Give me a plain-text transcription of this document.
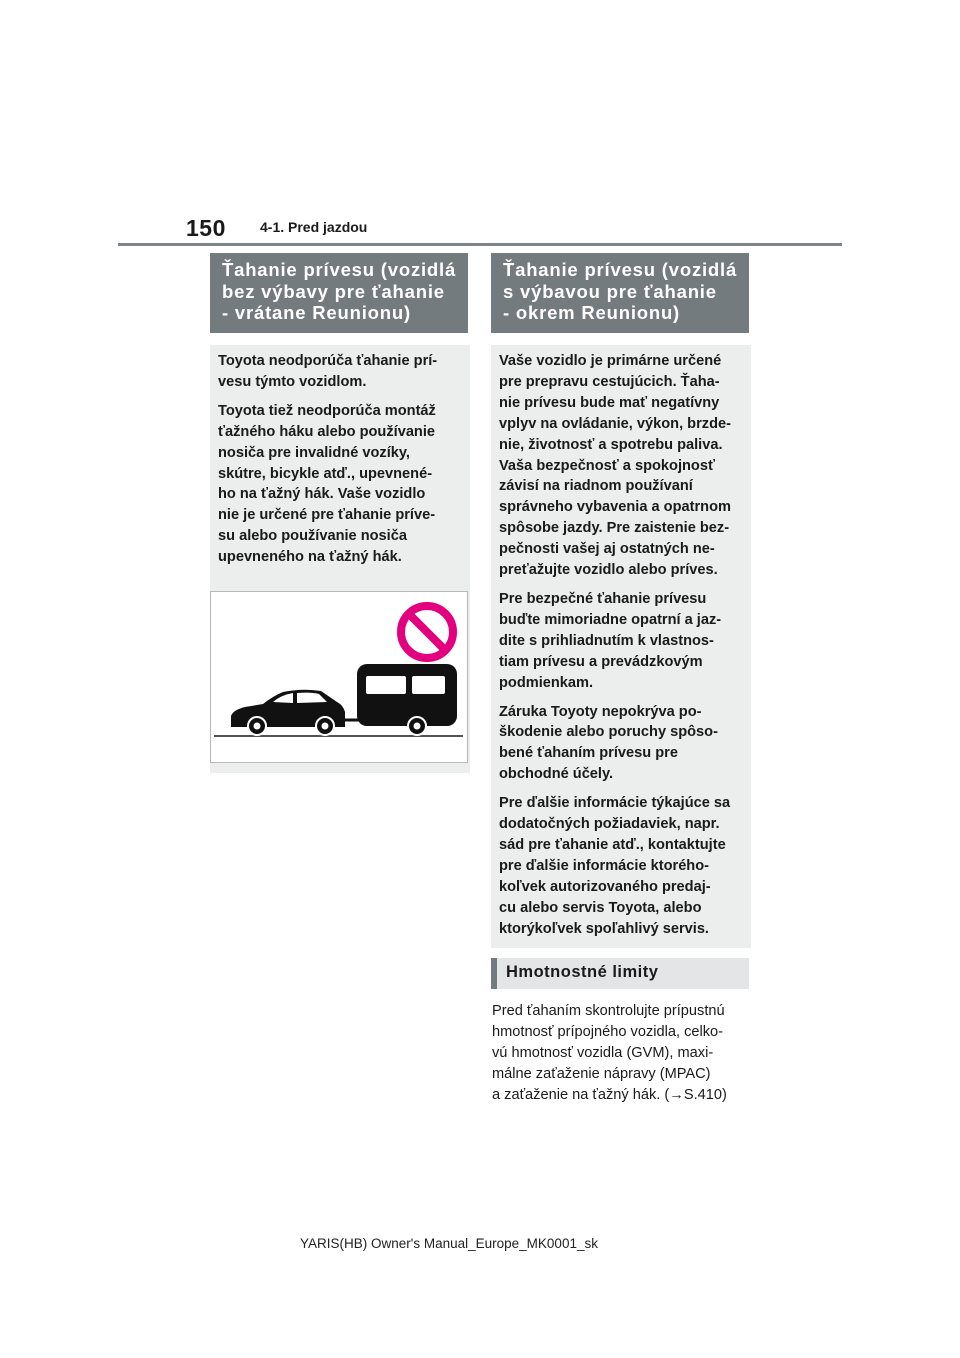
150 4-1. Pred jazdou
Ťahanie prívesu (vozidlá
bez výbavy pre ťahanie
- vrátane Reunionu)
Toyota neodporúča ťahanie prí-
vesu týmto vozidlom.
Toyota tiež neodporúča montáž
ťažného háku alebo používanie
nosiča pre invalidné vozíky,
skútre, bicykle atď., upevnené-
ho na ťažný hák. Vaše vozidlo
nie je určené pre ťahanie príve-
su alebo používanie nosiča
upevneného na ťažný hák.
Ťahanie prívesu (vozidlá
s výbavou pre ťahanie
- okrem Reunionu)
Vaše vozidlo je primárne určené
pre prepravu cestujúcich. Ťaha-
nie prívesu bude mať negatívny
vplyv na ovládanie, výkon, brzde-
nie, životnosť a spotrebu paliva.
Vaša bezpečnosť a spokojnosť
závisí na riadnom používaní
správneho vybavenia a opatrnom
spôsobe jazdy. Pre zaistenie bez-
pečnosti vašej aj ostatných ne-
preťažujte vozidlo alebo príves.
Pre bezpečné ťahanie prívesu
buďte mimoriadne opatrní a jaz-
dite s prihliadnutím k vlastnos-
tiam prívesu a prevádzkovým
podmienkam.
Záruka Toyoty nepokrýva po-
škodenie alebo poruchy spôso-
bené ťahaním prívesu pre
obchodné účely.
Pre ďalšie informácie týkajúce sa
dodatočných požiadaviek, napr.
sád pre ťahanie atď., kontaktujte
pre ďalšie informácie ktoréhо-
koľvek autorizovaného predaj-
cu alebo servis Toyota, alebo
ktorýkoľvek spoľahlivý servis.
Hmotnostné limity
Pred ťahaním skontrolujte prípustnú
hmotnosť prípojného vozidla, celko-
vú hmotnosť vozidla (GVM), maxi-
málne zaťaženie nápravy (MPAC)
a zaťaženie na ťažný hák. (→S.410)
YARIS(HB) Owner's Manual_Europe_MK0001_sk
